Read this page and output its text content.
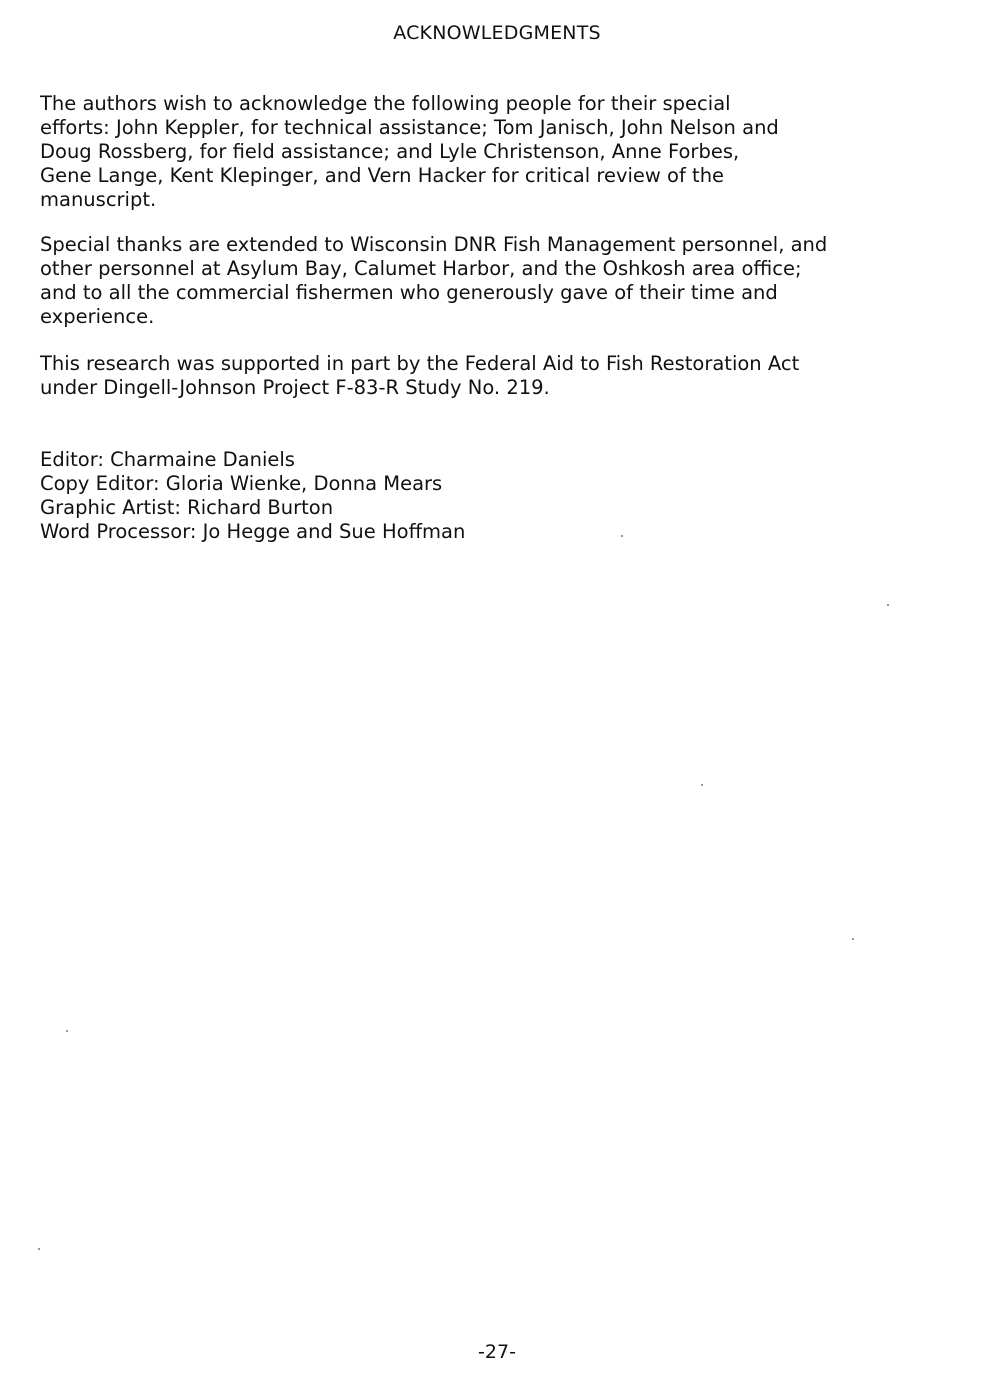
ACKNOWLEDGMENTS
The authors wish to acknowledge the following people for their special
efforts: John Keppler, for technical assistance; Tom Janisch, John Nelson and
Doug Rossberg, for field assistance; and Lyle Christenson, Anne Forbes,
Gene Lange, Kent Klepinger, and Vern Hacker for critical review of the
manuscript.
Special thanks are extended to Wisconsin DNR Fish Management personnel, and
other personnel at Asylum Bay, Calumet Harbor, and the Oshkosh area office;
and to all the commercial fishermen who generously gave of their time and
experience.
This research was supported in part by the Federal Aid to Fish Restoration Act
under Dingell-Johnson Project F-83-R Study No. 219.
Editor: Charmaine Daniels
Copy Editor: Gloria Wienke, Donna Mears
Graphic Artist: Richard Burton
Word Processor: Jo Hegge and Sue Hoffman
-27-
